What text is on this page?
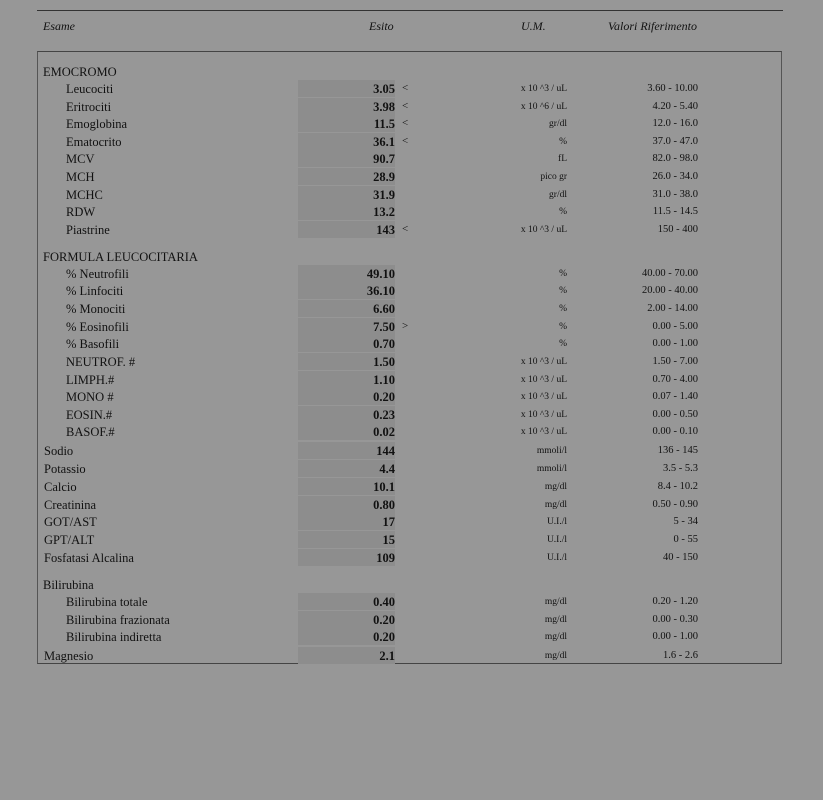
Esame	Esito	U.M.	Valori Riferimento
EMOCROMO
FORMULA LEUCOCITARIA
Bilirubina
Leucociti	3.05 <	x 10 ^3 / uL	3.60 - 10.00
Eritrociti	3.98 <	x 10 ^6 / uL	4.20 - 5.40
Emoglobina	11.5 <	gr/dl	12.0 - 16.0
Ematocrito	36.1 <	%	37.0 - 47.0
MCV	90.7	fL	82.0 - 98.0
MCH	28.9	pico gr	26.0 - 34.0
MCHC	31.9	gr/dl	31.0 - 38.0
RDW	13.2	%	11.5 - 14.5
Piastrine	143 <	x 10 ^3 / uL	150 - 400
% Neutrofili	49.10	%	40.00 - 70.00
% Linfociti	36.10	%	20.00 - 40.00
% Monociti	6.60	%	2.00 - 14.00
% Eosinofili	7.50 >	%	0.00 - 5.00
% Basofili	0.70	%	0.00 - 1.00
NEUTROF. #	1.50	x 10 ^3 / uL	1.50 - 7.00
LIMPH.#	1.10	x 10 ^3 / uL	0.70 - 4.00
MONO #	0.20	x 10 ^3 / uL	0.07 - 1.40
EOSIN.#	0.23	x 10 ^3 / uL	0.00 - 0.50
BASOF.#	0.02	x 10 ^3 / uL	0.00 - 0.10
Sodio	144	mmoli/l	136 - 145
Potassio	4.4	mmoli/l	3.5 - 5.3
Calcio	10.1	mg/dl	8.4 - 10.2
Creatinina	0.80	mg/dl	0.50 - 0.90
GOT/AST	17	U.I./l	5 - 34
GPT/ALT	15	U.I./l	0 - 55
Fosfatasi Alcalina	109	U.I./l	40 - 150
Bilirubina totale	0.40	mg/dl	0.20 - 1.20
Bilirubina frazionata	0.20	mg/dl	0.00 - 0.30
Bilirubina indiretta	0.20	mg/dl	0.00 - 1.00
Magnesio	2.1	mg/dl	1.6 - 2.6
